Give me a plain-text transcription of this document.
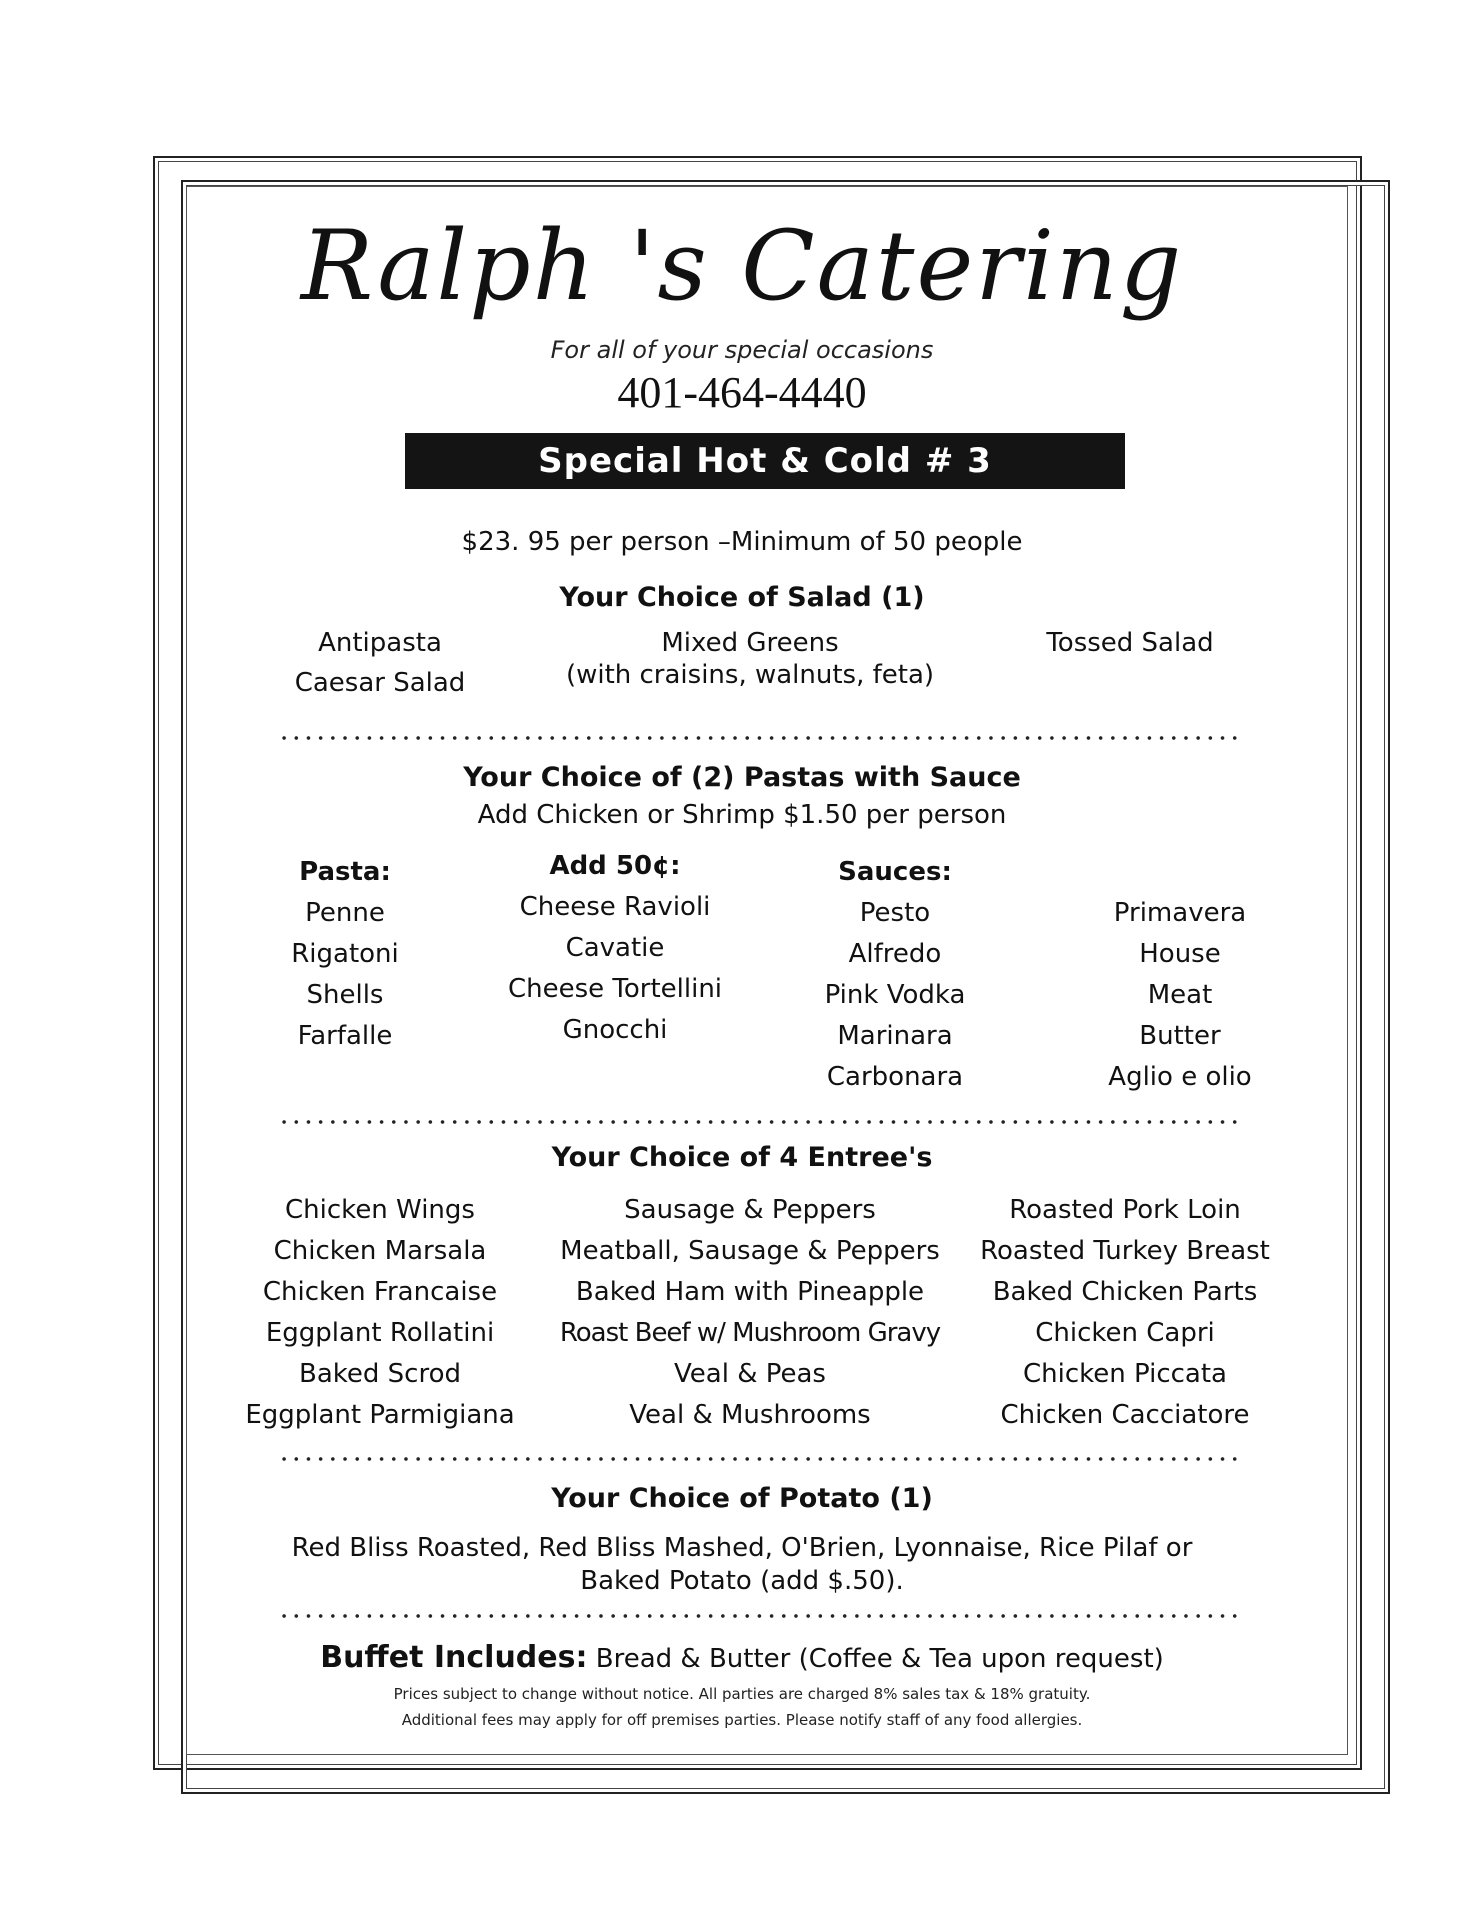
Ralph 's Catering
For all of your special occasions
401-464-4440
Special Hot & Cold # 3
$23. 95 per person –Minimum of 50 people
Your Choice of Salad (1)
Antipasta
Caesar Salad
Mixed Greens
(with craisins, walnuts, feta)
Tossed Salad
Your Choice of (2) Pastas with Sauce
Add Chicken or Shrimp $1.50 per person
Pasta:
Penne
Rigatoni
Shells
Farfalle
Add 50¢:
Cheese Ravioli
Cavatie
Cheese Tortellini
Gnocchi
Sauces:
Pesto
Alfredo
Pink Vodka
Marinara
Carbonara
Primavera
House
Meat
Butter
Aglio e olio
Your Choice of 4 Entree's
Chicken Wings
Chicken Marsala
Chicken Francaise
Eggplant Rollatini
Baked Scrod
Eggplant Parmigiana
Sausage & Peppers
Meatball, Sausage & Peppers
Baked Ham with Pineapple
Roast Beef w/ Mushroom Gravy
Veal & Peas
Veal & Mushrooms
Roasted Pork Loin
Roasted Turkey Breast
Baked Chicken Parts
Chicken Capri
Chicken Piccata
Chicken Cacciatore
Your Choice of Potato (1)
Red Bliss Roasted, Red Bliss Mashed, O'Brien, Lyonnaise, Rice Pilaf or
Baked Potato (add $.50).
Buffet Includes: Bread & Butter (Coffee & Tea upon request)
Prices subject to change without notice. All parties are charged 8% sales tax & 18% gratuity.
Additional fees may apply for off premises parties. Please notify staff of any food allergies.
